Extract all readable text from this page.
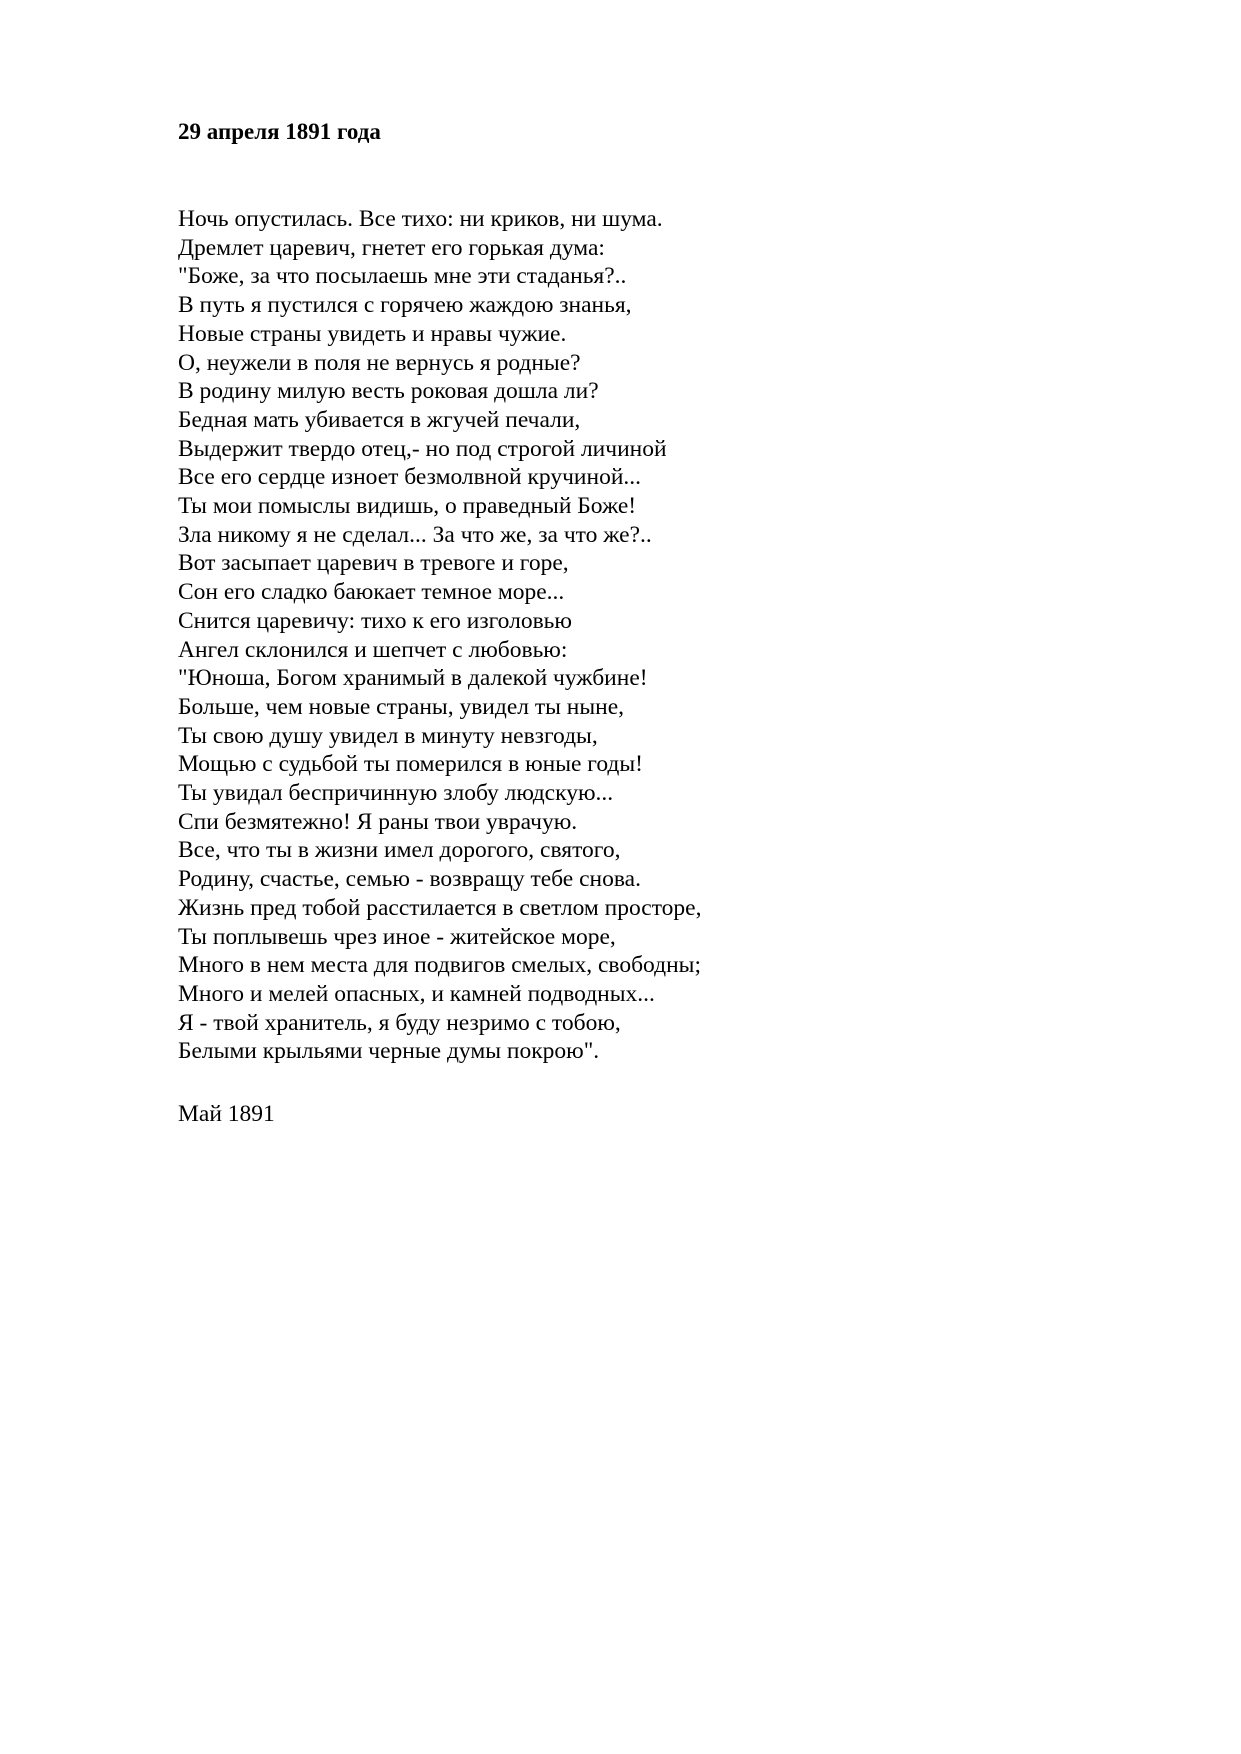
29 апреля 1891 года
Ночь опустилась. Все тихо: ни криков, ни шума.
Дремлет царевич, гнетет его горькая дума:
"Боже, за что посылаешь мне эти стаданья?..
В путь я пустился с горячею жаждою знанья,
Новые страны увидеть и нравы чужие.
О, неужели в поля не вернусь я родные?
В родину милую весть роковая дошла ли?
Бедная мать убивается в жгучей печали,
Выдержит твердо отец,- но под строгой личиной
Все его сердце изноет безмолвной кручиной...
Ты мои помыслы видишь, о праведный Боже!
Зла никому я не сделал... За что же, за что же?..
Вот засыпает царевич в тревоге и горе,
Сон его сладко баюкает темное море...
Снится царевичу: тихо к его изголовью
Ангел склонился и шепчет с любовью:
"Юноша, Богом хранимый в далекой чужбине!
Больше, чем новые страны, увидел ты ныне,
Ты свою душу увидел в минуту невзгоды,
Мощью с судьбой ты померился в юные годы!
Ты увидал беспричинную злобу людскую...
Спи безмятежно! Я раны твои уврачую.
Все, что ты в жизни имел дорогого, святого,
Родину, счастье, семью - возвращу тебе снова.
Жизнь пред тобой расстилается в светлом просторе,
Ты поплывешь чрез иное - житейское море,
Много в нем места для подвигов смелых, свободны;
Много и мелей опасных, и камней подводных...
Я - твой хранитель, я буду незримо с тобою,
Белыми крыльями черные думы покрою".
Май 1891
